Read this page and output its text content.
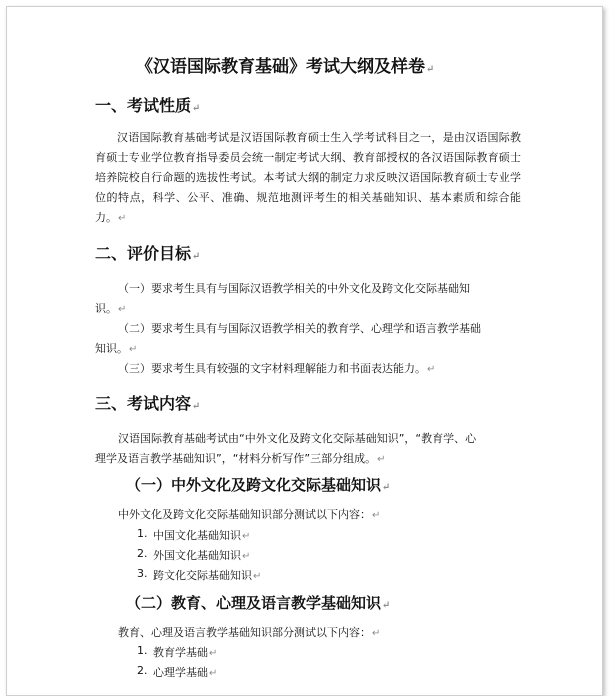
《汉语国际教育基础》考试大纲及样卷↵
一、考试性质↵
汉语国际教育基础考试是汉语国际教育硕士生入学考试科目之一，是由汉语国际教育硕士专业学位教育指导委员会统一制定考试大纲、教育部授权的各汉语国际教育硕士培养院校自行命题的选拔性考试。本考试大纲的制定力求反映汉语国际教育硕士专业学位的特点，科学、公平、准确、规范地测评考生的相关基础知识、基本素质和综合能力。↵
二、评价目标↵
（一）要求考生具有与国际汉语教学相关的中外文化及跨文化交际基础知
识。↵
（二）要求考生具有与国际汉语教学相关的教育学、心理学和语言教学基础
知识。↵
（三）要求考生具有较强的文字材料理解能力和书面表达能力。↵
三、考试内容↵
汉语国际教育基础考试由“中外文化及跨文化交际基础知识”，“教育学、心
理学及语言教学基础知识”，“材料分析写作”三部分组成。↵
（一）中外文化及跨文化交际基础知识↵
中外文化及跨文化交际基础知识部分测试以下内容：↵
1. 中国文化基础知识↵
2. 外国文化基础知识↵
3. 跨文化交际基础知识↵
（二）教育、心理及语言教学基础知识↵
教育、心理及语言教学基础知识部分测试以下内容：↵
1. 教育学基础↵
2. 心理学基础↵
